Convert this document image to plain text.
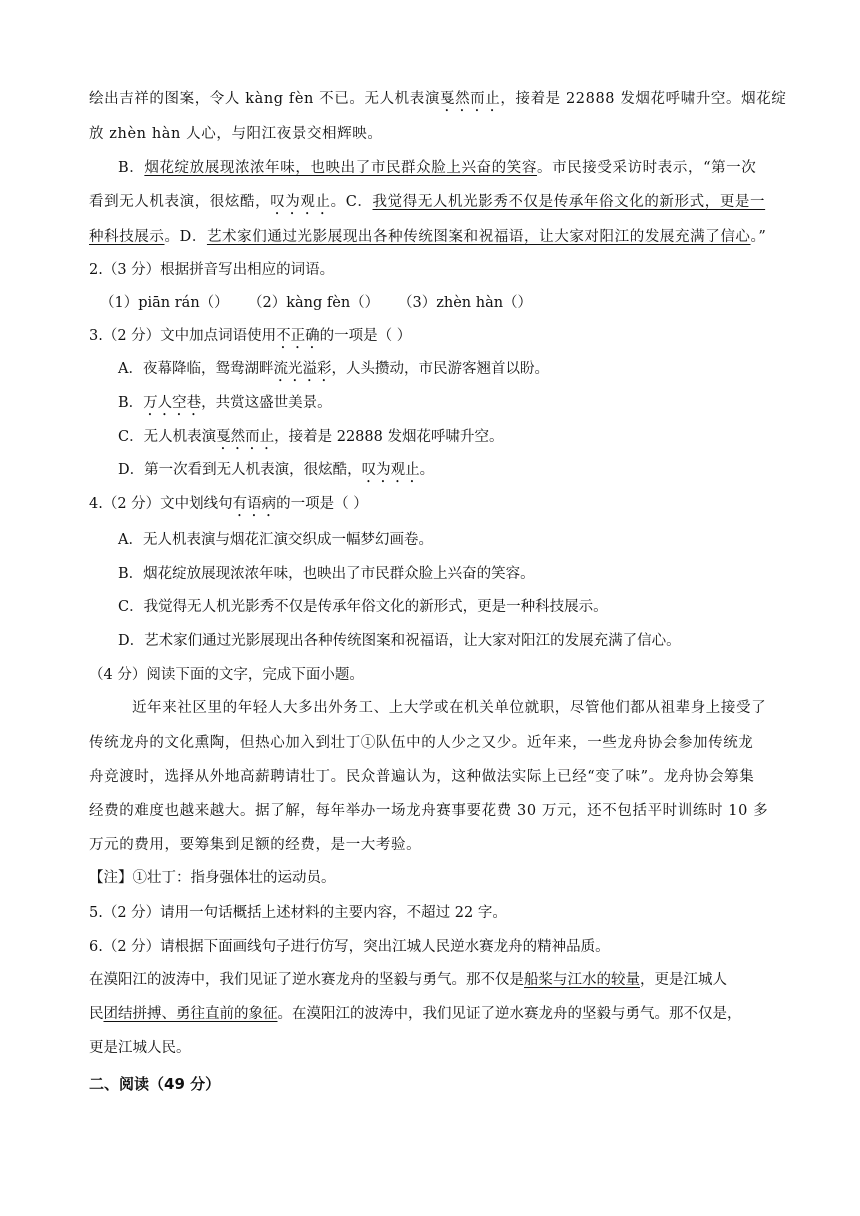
绘出吉祥的图案，令人 kàng fèn 不已。无人机表演戛然而止，接着是 22888 发烟花呼啸升空。烟花绽
放 zhèn hàn 人心，与阳江夜景交相辉映。
B．烟花绽放展现浓浓年味，也映出了市民群众脸上兴奋的笑容。市民接受采访时表示，“第一次
看到无人机表演，很炫酷，叹为观止。C．我觉得无人机光影秀不仅是传承年俗文化的新形式，更是一
种科技展示。D．艺术家们通过光影展现出各种传统图案和祝福语，让大家对阳江的发展充满了信心。”
2.（3 分）根据拼音写出相应的词语。
（1）piān rán（） （2）kàng fèn（） （3）zhèn hàn（）
3.（2 分）文中加点词语使用不正确的一项是（ ）
A．夜幕降临，鸳鸯湖畔流光溢彩，人头攒动，市民游客翘首以盼。
B．万人空巷，共赏这盛世美景。
C．无人机表演戛然而止，接着是 22888 发烟花呼啸升空。
D．第一次看到无人机表演，很炫酷，叹为观止。
4.（2 分）文中划线句有语病的一项是（ ）
A．无人机表演与烟花汇演交织成一幅梦幻画卷。
B．烟花绽放展现浓浓年味，也映出了市民群众脸上兴奋的笑容。
C．我觉得无人机光影秀不仅是传承年俗文化的新形式，更是一种科技展示。
D．艺术家们通过光影展现出各种传统图案和祝福语，让大家对阳江的发展充满了信心。
（4 分）阅读下面的文字，完成下面小题。
近年来社区里的年轻人大多出外务工、上大学或在机关单位就职，尽管他们都从祖辈身上接受了
传统龙舟的文化熏陶，但热心加入到壮丁①队伍中的人少之又少。近年来，一些龙舟协会参加传统龙
舟竞渡时，选择从外地高薪聘请壮丁。民众普遍认为，这种做法实际上已经“变了味”。龙舟协会筹集
经费的难度也越来越大。据了解，每年举办一场龙舟赛事要花费 30 万元，还不包括平时训练时 10 多
万元的费用，要筹集到足额的经费，是一大考验。
【注】①壮丁：指身强体壮的运动员。
5.（2 分）请用一句话概括上述材料的主要内容，不超过 22 字。
6.（2 分）请根据下面画线句子进行仿写，突出江城人民逆水赛龙舟的精神品质。
在漠阳江的波涛中，我们见证了逆水赛龙舟的坚毅与勇气。那不仅是船桨与江水的较量，更是江城人
民团结拼搏、勇往直前的象征。在漠阳江的波涛中，我们见证了逆水赛龙舟的坚毅与勇气。那不仅是，
更是江城人民。
二、阅读（49 分）
